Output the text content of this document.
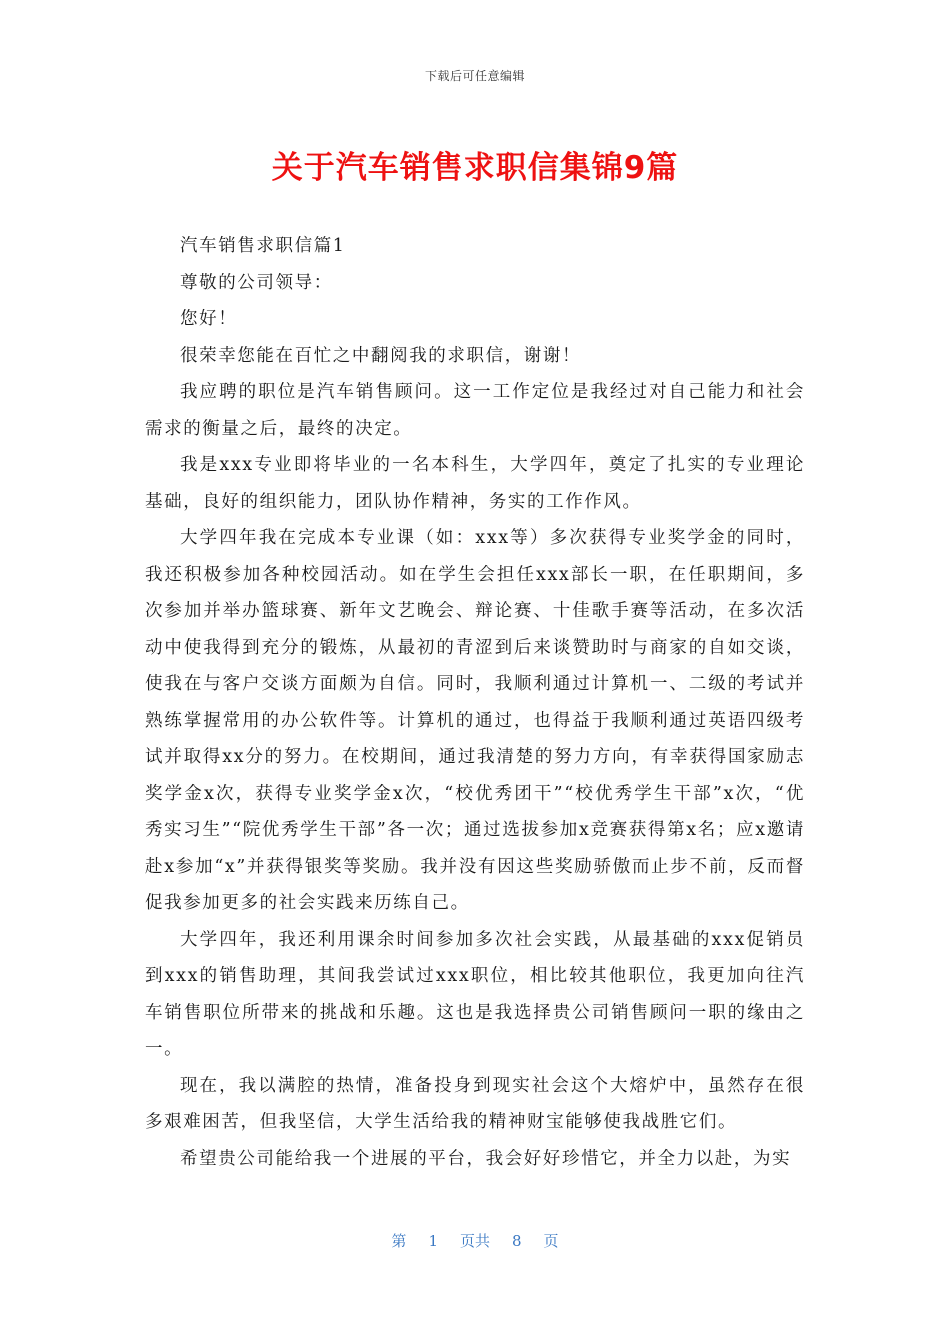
下载后可任意编辑
关于汽车销售求职信集锦9篇

汽车销售求职信篇1

尊敬的公司领导：

您好！

很荣幸您能在百忙之中翻阅我的求职信，谢谢！

我应聘的职位是汽车销售顾问。这一工作定位是我经过对自己能力和社会需求的衡量之后，最终的决定。

我是xxx专业即将毕业的一名本科生，大学四年，奠定了扎实的专业理论基础，良好的组织能力，团队协作精神，务实的工作作风。

大学四年我在完成本专业课（如：xxx等）多次获得专业奖学金的同时，我还积极参加各种校园活动。如在学生会担任xxx部长一职，在任职期间，多次参加并举办篮球赛、新年文艺晚会、辩论赛、十佳歌手赛等活动，在多次活动中使我得到充分的锻炼，从最初的青涩到后来谈赞助时与商家的自如交谈，使我在与客户交谈方面颇为自信。同时，我顺利通过计算机一、二级的考试并熟练掌握常用的办公软件等。计算机的通过，也得益于我顺利通过英语四级考试并取得xx分的努力。在校期间，通过我清楚的努力方向，有幸获得国家励志奖学金x次，获得专业奖学金x次，“校优秀团干”“校优秀学生干部”x次，“优秀实习生”“院优秀学生干部”各一次；通过选拔参加x竞赛获得第x名；应x邀请赴x参加“x”并获得银奖等奖励。我并没有因这些奖励骄傲而止步不前，反而督促我参加更多的社会实践来历练自己。

大学四年，我还利用课余时间参加多次社会实践，从最基础的xxx促销员到xxx的销售助理，其间我尝试过xxx职位，相比较其他职位，我更加向往汽车销售职位所带来的挑战和乐趣。这也是我选择贵公司销售顾问一职的缘由之一。

现在，我以满腔的热情，准备投身到现实社会这个大熔炉中，虽然存在很多艰难困苦，但我坚信，大学生活给我的精神财宝能够使我战胜它们。

希望贵公司能给我一个进展的平台，我会好好珍惜它，并全力以赴，为实

第 1 页共 8 页
